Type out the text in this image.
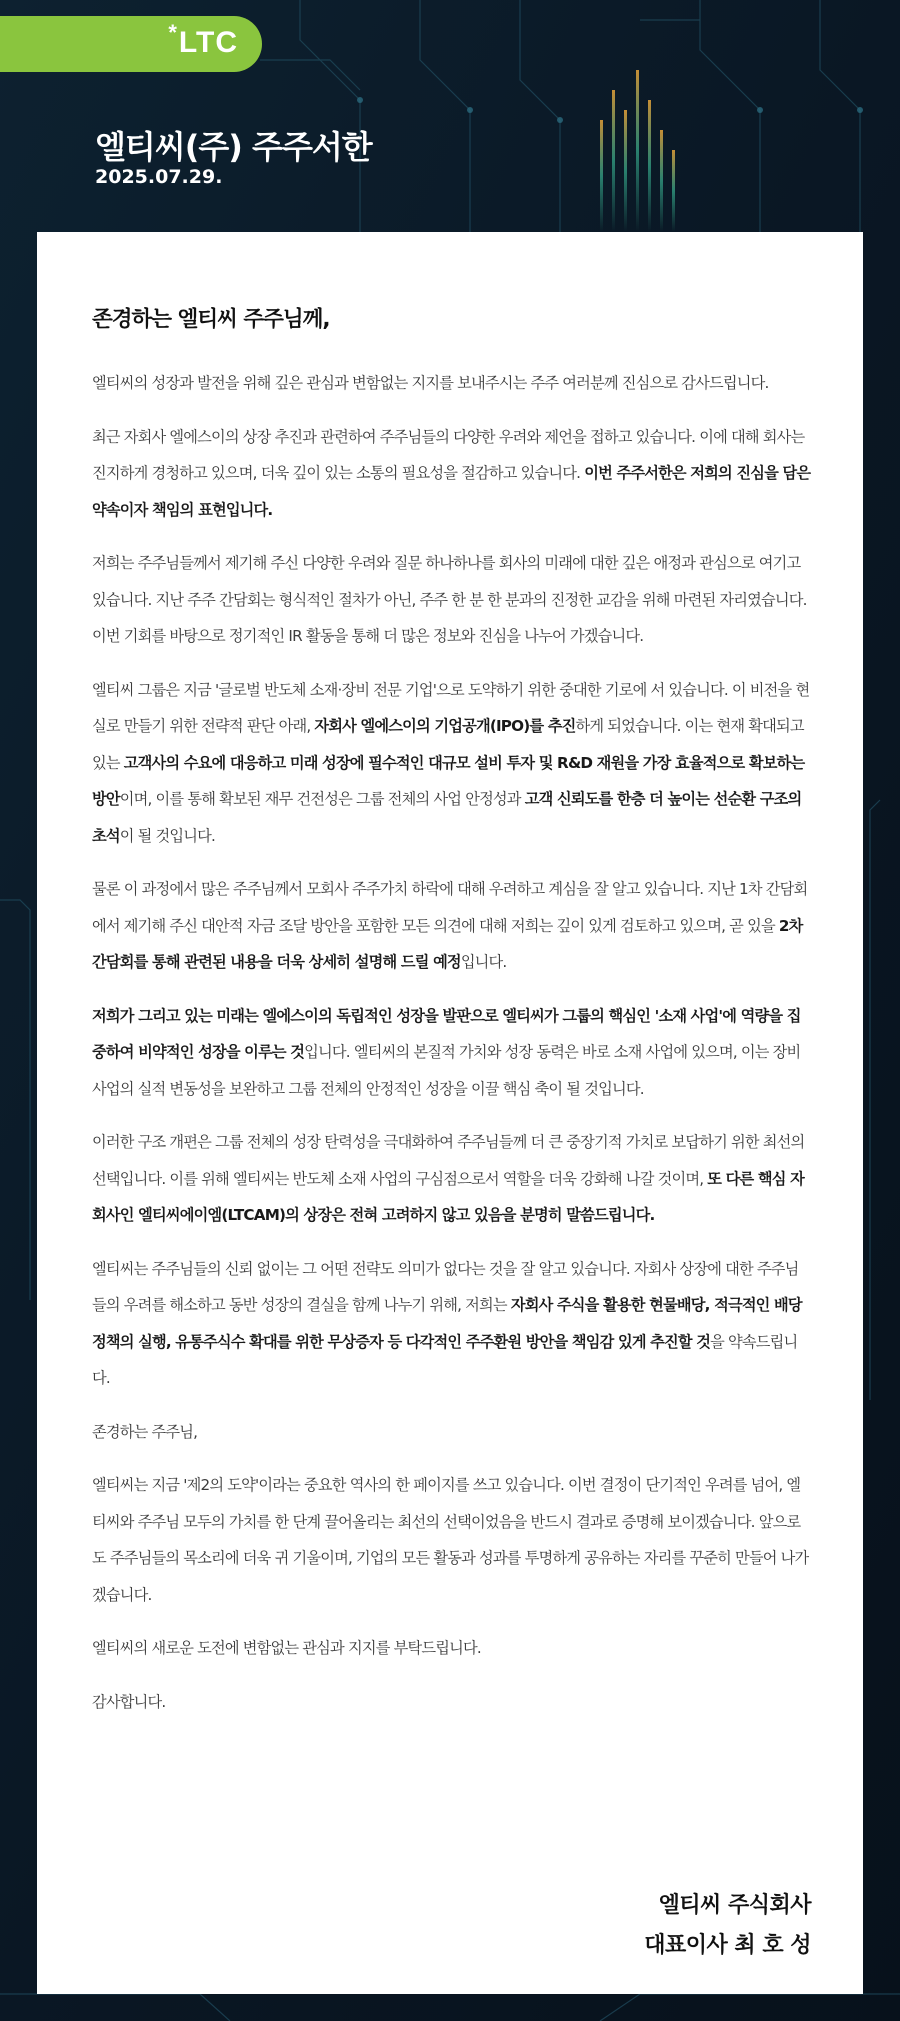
*LTC
엘티씨(주) 주주서한

2025.07.29.

존경하는 엘티씨 주주님께,

엘티씨의 성장과 발전을 위해 깊은 관심과 변함없는 지지를 보내주시는 주주 여러분께 진심으로 감사드립니다.

최근 자회사 엘에스이의 상장 추진과 관련하여 주주님들의 다양한 우려와 제언을 접하고 있습니다. 이에 대해 회사는 진지하게 경청하고 있으며, 더욱 깊이 있는 소통의 필요성을 절감하고 있습니다. 이번 주주서한은 저희의 진심을 담은 약속이자 책임의 표현입니다.

저희는 주주님들께서 제기해 주신 다양한 우려와 질문 하나하나를 회사의 미래에 대한 깊은 애정과 관심으로 여기고 있습니다. 지난 주주 간담회는 형식적인 절차가 아닌, 주주 한 분 한 분과의 진정한 교감을 위해 마련된 자리였습니다. 이번 기회를 바탕으로 정기적인 IR 활동을 통해 더 많은 정보와 진심을 나누어 가겠습니다.

엘티씨 그룹은 지금 '글로벌 반도체 소재·장비 전문 기업'으로 도약하기 위한 중대한 기로에 서 있습니다. 이 비전을 현실로 만들기 위한 전략적 판단 아래, 자회사 엘에스이의 기업공개(IPO)를 추진하게 되었습니다. 이는 현재 확대되고 있는 고객사의 수요에 대응하고 미래 성장에 필수적인 대규모 설비 투자 및 R&D 재원을 가장 효율적으로 확보하는 방안이며, 이를 통해 확보된 재무 건전성은 그룹 전체의 사업 안정성과 고객 신뢰도를 한층 더 높이는 선순환 구조의 초석이 될 것입니다.

물론 이 과정에서 많은 주주님께서 모회사 주주가치 하락에 대해 우려하고 계심을 잘 알고 있습니다. 지난 1차 간담회에서 제기해 주신 대안적 자금 조달 방안을 포함한 모든 의견에 대해 저희는 깊이 있게 검토하고 있으며, 곧 있을 2차 간담회를 통해 관련된 내용을 더욱 상세히 설명해 드릴 예정입니다.

저희가 그리고 있는 미래는 엘에스이의 독립적인 성장을 발판으로 엘티씨가 그룹의 핵심인 '소재 사업'에 역량을 집중하여 비약적인 성장을 이루는 것입니다. 엘티씨의 본질적 가치와 성장 동력은 바로 소재 사업에 있으며, 이는 장비 사업의 실적 변동성을 보완하고 그룹 전체의 안정적인 성장을 이끌 핵심 축이 될 것입니다.

이러한 구조 개편은 그룹 전체의 성장 탄력성을 극대화하여 주주님들께 더 큰 중장기적 가치로 보답하기 위한 최선의 선택입니다. 이를 위해 엘티씨는 반도체 소재 사업의 구심점으로서 역할을 더욱 강화해 나갈 것이며, 또 다른 핵심 자회사인 엘티씨에이엠(LTCAM)의 상장은 전혀 고려하지 않고 있음을 분명히 말씀드립니다.

엘티씨는 주주님들의 신뢰 없이는 그 어떤 전략도 의미가 없다는 것을 잘 알고 있습니다. 자회사 상장에 대한 주주님들의 우려를 해소하고 동반 성장의 결실을 함께 나누기 위해, 저희는 자회사 주식을 활용한 현물배당, 적극적인 배당 정책의 실행, 유통주식수 확대를 위한 무상증자 등 다각적인 주주환원 방안을 책임감 있게 추진할 것을 약속드립니다.

존경하는 주주님,

엘티씨는 지금 '제2의 도약'이라는 중요한 역사의 한 페이지를 쓰고 있습니다. 이번 결정이 단기적인 우려를 넘어, 엘티씨와 주주님 모두의 가치를 한 단계 끌어올리는 최선의 선택이었음을 반드시 결과로 증명해 보이겠습니다. 앞으로도 주주님들의 목소리에 더욱 귀 기울이며, 기업의 모든 활동과 성과를 투명하게 공유하는 자리를 꾸준히 만들어 나가겠습니다.

엘티씨의 새로운 도전에 변함없는 관심과 지지를 부탁드립니다.

감사합니다.

엘티씨 주식회사
대표이사 최 호 성
